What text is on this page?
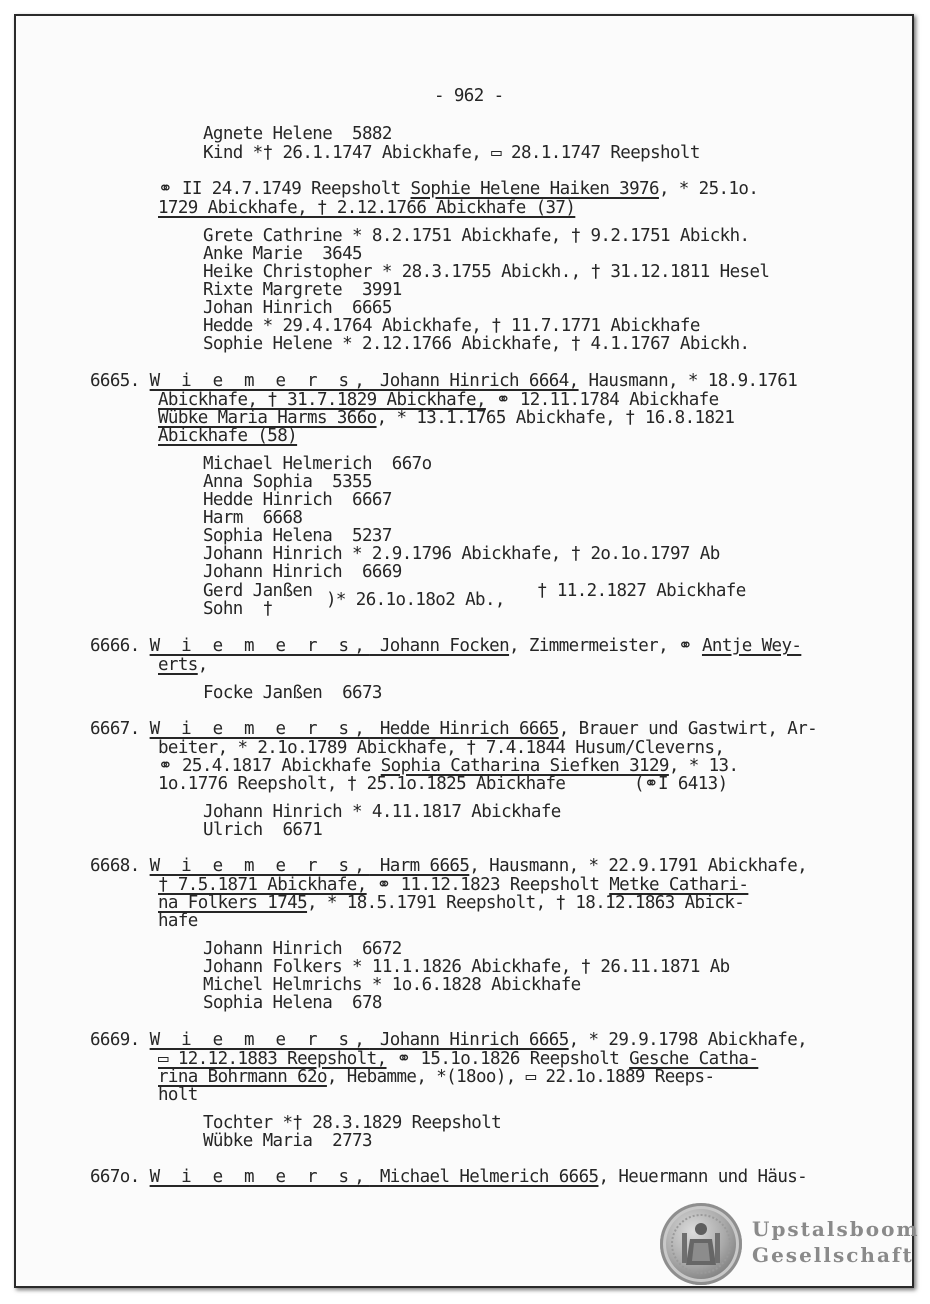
- 962 -
Agnete Helene  5882
Kind *† 26.1.1747 Abickhafe, ▭ 28.1.1747 Reepsholt
⚭ II 24.7.1749 Reepsholt Sophie Helene Haiken 3976, * 25.1o.
1729 Abickhafe, † 2.12.1766 Abickhafe (37)
Grete Cathrine * 8.2.1751 Abickhafe, † 9.2.1751 Abickh.
Anke Marie  3645
Heike Christopher * 28.3.1755 Abickh., † 31.12.1811 Hesel
Rixte Margrete  3991
Johan Hinrich  6665
Hedde * 29.4.1764 Abickhafe, † 11.7.1771 Abickhafe
Sophie Helene * 2.12.1766 Abickhafe, † 4.1.1767 Abickh.
6665. W i e m e r s, Johann Hinrich 6664, Hausmann, * 18.9.1761
Abickhafe, † 31.7.1829 Abickhafe, ⚭ 12.11.1784 Abickhafe
Wübke Maria Harms 366o, * 13.1.1765 Abickhafe, † 16.8.1821
Abickhafe (58)
Michael Helmerich  667o
Anna Sophia  5355
Hedde Hinrich  6667
Harm  6668
Sophia Helena  5237
Johann Hinrich * 2.9.1796 Abickhafe, † 2o.1o.1797 Ab
Johann Hinrich  6669
Gerd Janßen )* 26.1o.18o2 Ab., † 11.2.1827 Abickhafe
Sohn  †
6666. W i e m e r s, Johann Focken, Zimmermeister, ⚭ Antje Wey-
erts,
Focke Janßen  6673
6667. W i e m e r s, Hedde Hinrich 6665, Brauer und Gastwirt, Ar-
beiter, * 2.1o.1789 Abickhafe, † 7.4.1844 Husum/Cleverns,
⚭ 25.4.1817 Abickhafe Sophia Catharina Siefken 3129, * 13.
1o.1776 Reepsholt, † 25.1o.1825 Abickhafe	(⚭I 6413)
Johann Hinrich * 4.11.1817 Abickhafe
Ulrich  6671
6668. W i e m e r s, Harm 6665, Hausmann, * 22.9.1791 Abickhafe,
† 7.5.1871 Abickhafe, ⚭ 11.12.1823 Reepsholt Metke Cathari-
na Folkers 1745, * 18.5.1791 Reepsholt, † 18.12.1863 Abick-
hafe
Johann Hinrich  6672
Johann Folkers * 11.1.1826 Abickhafe, † 26.11.1871 Ab
Michel Helmrichs * 1o.6.1828 Abickhafe
Sophia Helena  678
6669. W i e m e r s, Johann Hinrich 6665, * 29.9.1798 Abickhafe,
▭ 12.12.1883 Reepsholt, ⚭ 15.1o.1826 Reepsholt Gesche Catha-
rina Bohrmann 62o, Hebamme, *(18oo), ▭ 22.1o.1889 Reeps-
holt
Tochter *† 28.3.1829 Reepsholt
Wübke Maria  2773
667o. W i e m e r s, Michael Helmerich 6665, Heuermann und Häus-
Upstalsboom
Gesellschaft
